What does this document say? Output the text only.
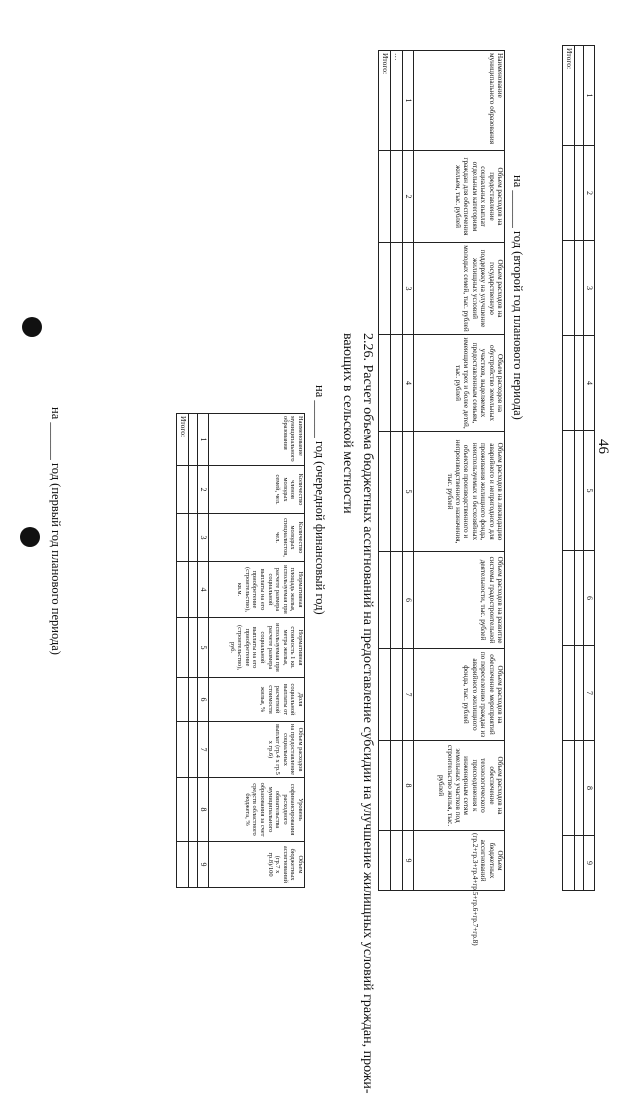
46
1	2	3	4	5	6	7	8	9

Итого:								
на ______ год (второй год планового периода)
Наименование муниципального образования	Объем расходов на предоставление социальных выплат отдельным категориям граждан для обеспечения жильем, тыс. рублей	Объем расходов на государственную поддержку на улучшение жилищных условий молодых семей, тыс. рублей	Объем расходов на обустройство земельных участков, выделяемых предоставленным семьям, имеющим трех и более детей, тыс. рублей	Объем расходов на ликвидацию аварийного и непригодного для проживания жилищного фонда, неиспользуемых и бесхозяйных объектов производственного и непроизводственного назначения, тыс. рублей	Объем расходов на развитие системы градостроительной деятельности, тыс. рублей	Объем расходов на обеспечение мероприятий по переселению граждан из аварийного жилищного фонда, тыс. рублей	Объем расходов на обеспечение технологического присоединения к инженерным сетям земельных участков под строительство жилья, тыс. рублей	Объем бюджетных ассигнований (гр.2+гр.3+гр.4+гр.5+гр.6+гр.7+гр.8)
1	2	3	4	5	6	7	8	9
…								
Итого:								
2.26. Расчет объема бюджетных ассигнований на предоставление субсидии на улучшение жилищных условий граждан, прожи-
вающих в сельской местности
на ______ год (очередной финансовый год)
Наименование муниципального образования	Количество членов молодых семей, чел.	Количество молодых специалистов, чел.	Нормативная площадь жилья, используемая при расчете размера социальной выплаты на его приобретение (строительство), кв.м.	Нормативная стоимость 1 кв. метра жилья, используемая при расчете размера социальной выплаты на его приобретение (строительство), руб.	Доля социальной выплаты от расчетной стоимости жилья, %	Объем расходов на предоставление социальных выплат (гр.4 x гр.5 x гр.6)	Уровень софинансирования расходного обязательства муниципального образования за счет средств областного бюджета, %	Объем бюджетных ассигнований (гр.7 x гр.8)/100
1	2	3	4	5	6	7	8	9

Итого:								
на ______ год (первый год планового периода)
